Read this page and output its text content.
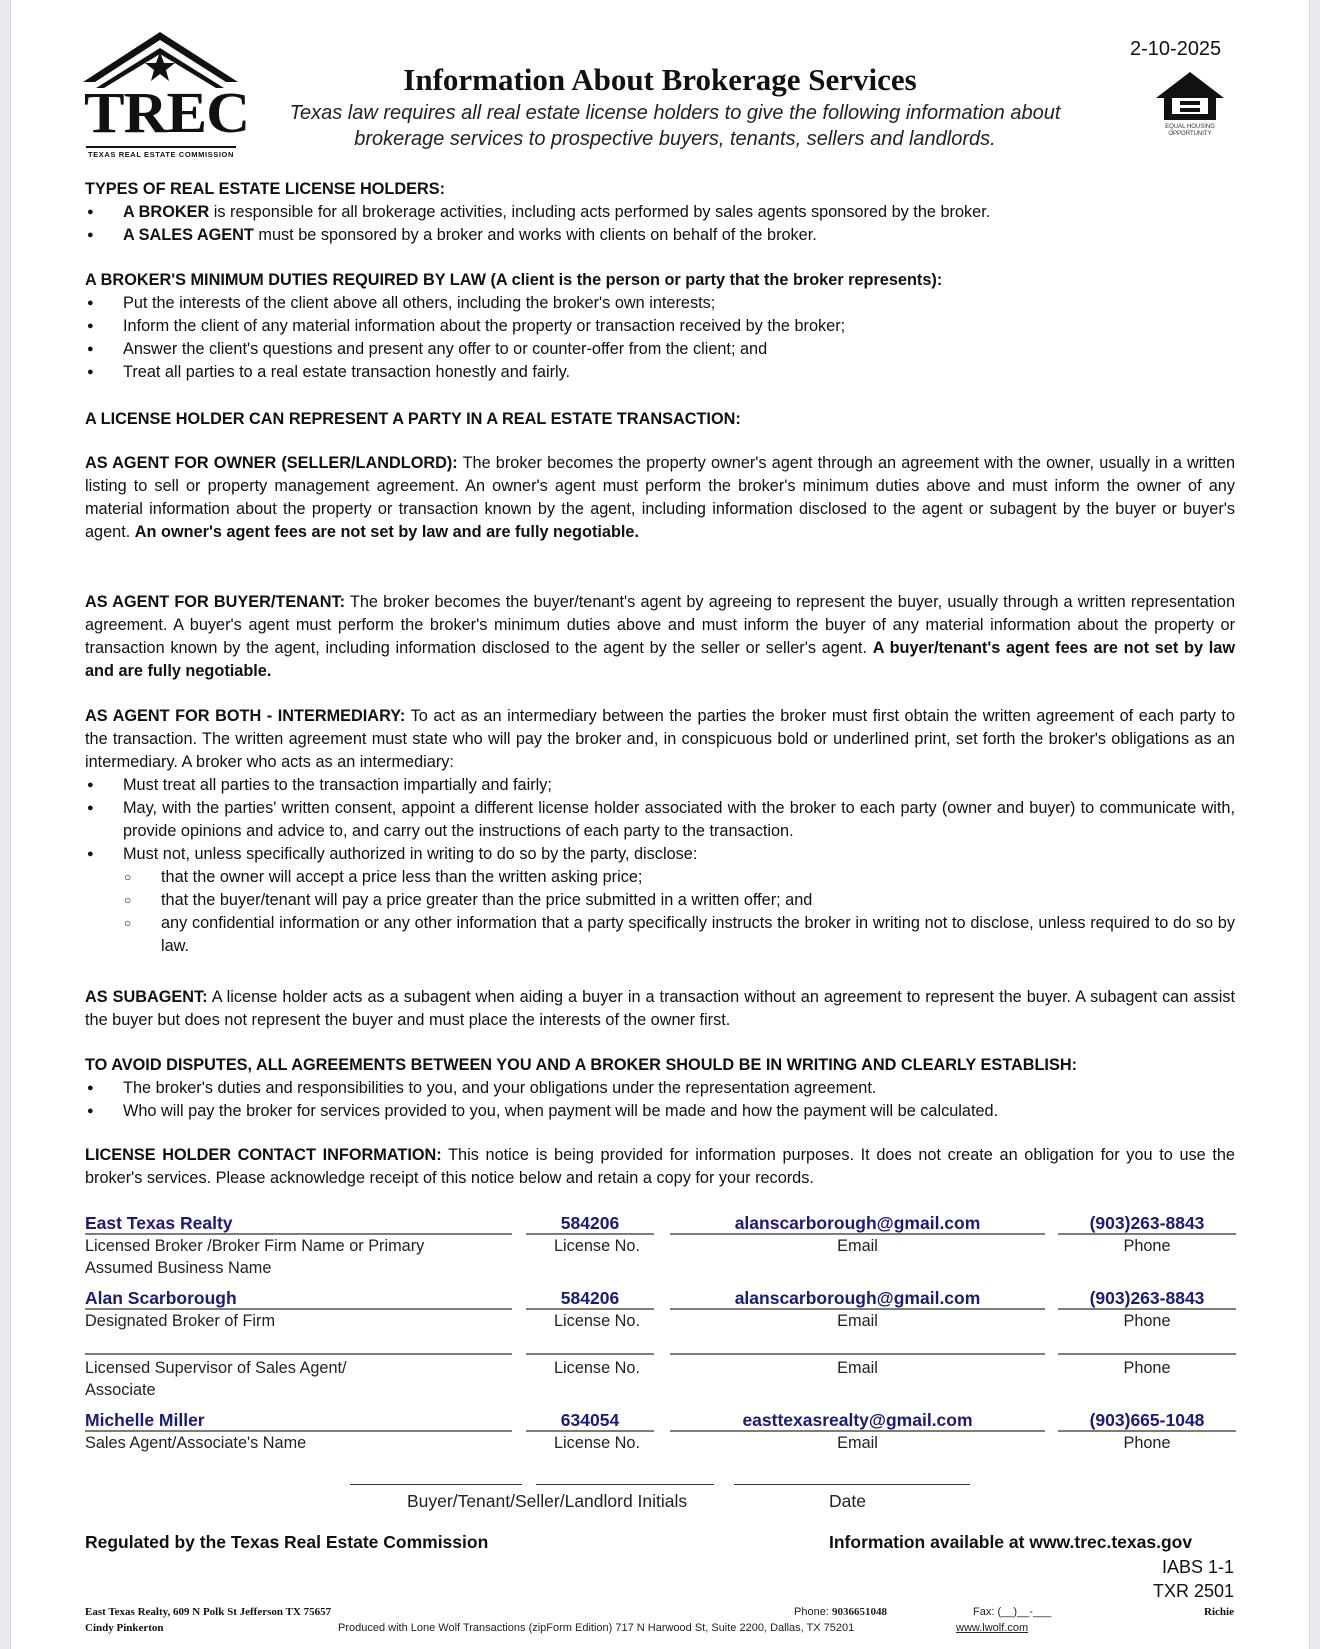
TREC
TEXAS REAL ESTATE COMMISSION
Information About Brokerage Services
Texas law requires all real estate license holders to give the following information about brokerage services to prospective buyers, tenants, sellers and landlords.
2-10-2025
EQUAL HOUSING OPPORTUNITY
TYPES OF REAL ESTATE LICENSE HOLDERS:
● A BROKER is responsible for all brokerage activities, including acts performed by sales agents sponsored by the broker.
● A SALES AGENT must be sponsored by a broker and works with clients on behalf of the broker.
A BROKER'S MINIMUM DUTIES REQUIRED BY LAW (A client is the person or party that the broker represents):
● Put the interests of the client above all others, including the broker's own interests;
● Inform the client of any material information about the property or transaction received by the broker;
● Answer the client's questions and present any offer to or counter-offer from the client; and
● Treat all parties to a real estate transaction honestly and fairly.
A LICENSE HOLDER CAN REPRESENT A PARTY IN A REAL ESTATE TRANSACTION:
AS AGENT FOR OWNER (SELLER/LANDLORD): The broker becomes the property owner's agent through an agreement with the owner, usually in a written listing to sell or property management agreement. An owner's agent must perform the broker's minimum duties above and must inform the owner of any material information about the property or transaction known by the agent, including information disclosed to the agent or subagent by the buyer or buyer's agent. An owner's agent fees are not set by law and are fully negotiable.
AS AGENT FOR BUYER/TENANT: The broker becomes the buyer/tenant's agent by agreeing to represent the buyer, usually through a written representation agreement. A buyer's agent must perform the broker's minimum duties above and must inform the buyer of any material information about the property or transaction known by the agent, including information disclosed to the agent by the seller or seller's agent. A buyer/tenant's agent fees are not set by law and are fully negotiable.
AS AGENT FOR BOTH - INTERMEDIARY: To act as an intermediary between the parties the broker must first obtain the written agreement of each party to the transaction. The written agreement must state who will pay the broker and, in conspicuous bold or underlined print, set forth the broker's obligations as an intermediary. A broker who acts as an intermediary:
● Must treat all parties to the transaction impartially and fairly;
● May, with the parties' written consent, appoint a different license holder associated with the broker to each party (owner and buyer) to communicate with, provide opinions and advice to, and carry out the instructions of each party to the transaction.
● Must not, unless specifically authorized in writing to do so by the party, disclose:
○ that the owner will accept a price less than the written asking price;
○ that the buyer/tenant will pay a price greater than the price submitted in a written offer; and
○ any confidential information or any other information that a party specifically instructs the broker in writing not to disclose, unless required to do so by law.
AS SUBAGENT: A license holder acts as a subagent when aiding a buyer in a transaction without an agreement to represent the buyer. A subagent can assist the buyer but does not represent the buyer and must place the interests of the owner first.
TO AVOID DISPUTES, ALL AGREEMENTS BETWEEN YOU AND A BROKER SHOULD BE IN WRITING AND CLEARLY ESTABLISH:
● The broker's duties and responsibilities to you, and your obligations under the representation agreement.
● Who will pay the broker for services provided to you, when payment will be made and how the payment will be calculated.
LICENSE HOLDER CONTACT INFORMATION: This notice is being provided for information purposes. It does not create an obligation for you to use the broker's services. Please acknowledge receipt of this notice below and retain a copy for your records.
East Texas Realty	584206	alanscarborough@gmail.com	(903)263-8843
Licensed Broker /Broker Firm Name or Primary Assumed Business Name
License No.	Email	Phone
Alan Scarborough	584206	alanscarborough@gmail.com	(903)263-8843
Designated Broker of Firm	License No.	Email	Phone
Licensed Supervisor of Sales Agent/ Associate
License No.	Email	Phone
Michelle Miller	634054	easttexasrealty@gmail.com	(903)665-1048
Sales Agent/Associate's Name	License No.	Email	Phone
Buyer/Tenant/Seller/Landlord Initials	Date
Regulated by the Texas Real Estate Commission	Information available at www.trec.texas.gov
IABS 1-1
TXR 2501
East Texas Realty, 609 N Polk St Jefferson TX 75657
Cindy Pinkerton
Phone: 9036651048	Fax: (__)__-___	Richie
Produced with Lone Wolf Transactions (zipForm Edition) 717 N Harwood St, Suite 2200, Dallas, TX 75201	www.lwolf.com
